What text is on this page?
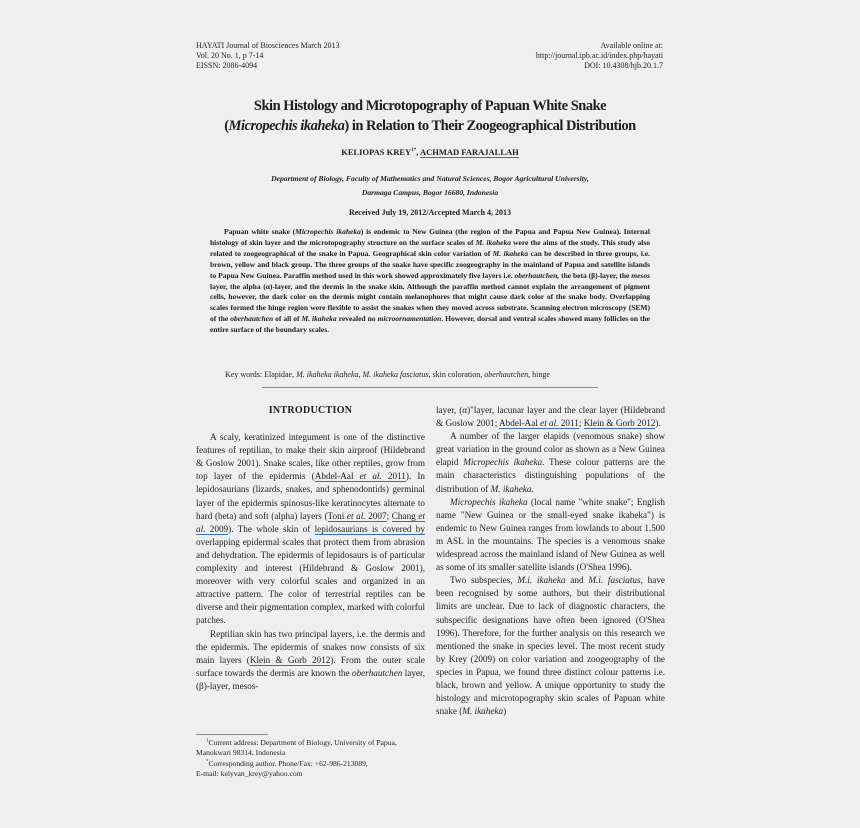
HAYATI Journal of Biosciences March 2013
Vol. 20 No. 1, p 7-14
EISSN: 2086-4094
Available online at:
http://journal.ipb.ac.id/index.php/hayati
DOI: 10.4308/hjb.20.1.7
Skin Histology and Microtopography of Papuan White Snake
(Micropechis ikaheka) in Relation to Their Zoogeographical Distribution
KELIOPAS $KREY^{1*}$, ACHMAD FARAJALLAH
Department of Biology, Faculty of Mathematics and Natural Sciences, Bogor Agricultural University,
Darmaga Campus, Bogor 16680, Indonesia
Received July 19, 2012/Accepted March 4, 2013

Papuan white snake (Micropechis ikaheka) is endemic to New Guinea (the region of the Papua and Papua New Guinea). Internal histology of skin layer and the microtopography structure on the surface scales of M. ikaheka were the aims of the study. This study also related to zoogeographical of the snake in Papua. Geographical skin color variation of M. ikaheka can be described in three groups, i.e. brown, yellow and black group. The three groups of the snake have specific zoogeography in the mainland of Papua and satellite islands to Papua New Guinea. Paraffin method used in this work showed approximately five layers i.e. oberhautchen, the beta (β)-layer, the mesos layer, the alpha (α)-layer, and the dermis in the snake skin. Although the paraffin method cannot explain the arrangement of pigment cells, however, the dark color on the dermis might contain melanophores that might cause dark color of the snake body. Overlapping scales formed the hinge region were flexible to assist the snakes when they moved across substrate. Scanning electron microscopy (SEM) of the oberhautchen of all of M. ikaheka revealed no microornamentation. However, dorsal and ventral scales showed many follicles on the entire surface of the boundary scales.

Key words: Elapidae, M. ikaheka ikaheka, M. ikaheka fasciatus, skin coloration, oberhautchen, hinge
INTRODUCTION

A scaly, keratinized integument is one of the distinctive features of reptilian, to make their skin airproof (Hildebrand & Goslow 2001). Snake scales, like other reptiles, grow from top layer of the epidermis (Abdel-Aal et al. 2011). In lepidosaurians (lizards, snakes, and sphenodontids) germinal layer of the epidermis spinosus-like keratinocytes alternate to hard (beta) and soft (alpha) layers (Toni et al. 2007; Chang et al. 2009). The whole skin of lepidosaurians is covered by overlapping epidermal scales that protect them from abrasion and dehydration. The epidermis of lepidosaurs is of particular complexity and interest (Hildebrand & Goslow 2001), moreover with very colorful scales and organized in an attractive pattern. The color of terrestrial reptiles can be diverse and their pigmentation complex, marked with colorful patches.

Reptilian skin has two principal layers, i.e. the dermis and the epidermis. The epidermis of snakes now consists of six main layers (Klein & Gorb 2012). From the outer scale surface towards the dermis are known the oberhautchen layer, (β)-layer, mesos-

layer, (α)"layer, lacunar layer and the clear layer (Hildebrand & Goslow 2001; Abdel-Aal et al. 2011; Klein & Gorb 2012).

A number of the larger elapids (venomous snake) show great variation in the ground color as shown as a New Guinea elapid Micropechis ikaheka. These colour patterns are the main characteristics distinguishing populations of the distribution of M. ikaheka.

Micropechis ikaheka (local name "white snake"; English name "New Guinea or the small-eyed snake ikaheka") is endemic to New Guinea ranges from lowlands to about 1.500 m ASL in the mountains. The species is a venomous snake widespread across the mainland island of New Guinea as well as some of its smaller satellite islands (O'Shea 1996).

Two subspecies, M.i. ikaheka and M.i. fasciatus, have been recognised by some authors, but their distributional limits are unclear. Due to lack of diagnostic characters, the subspecific designations have often been ignored (O'Shea 1996). Therefore, for the further analysis on this research we mentioned the snake in species level. The most recent study by Krey (2009) on color variation and zoogeography of the species in Papua, we found three distinct colour patterns i.e. black, brown and yellow. A unique opportunity to study the histology and microtopography skin scales of Papuan white snake (M. ikaheka)

$^1$Current address: Department of Biology, University of Papua, Manokwari 98314, Indonesia

*Corresponding author. Phone/Fax: +62-986-213089,

E-mail: kelyvan_krey@yahoo.com
